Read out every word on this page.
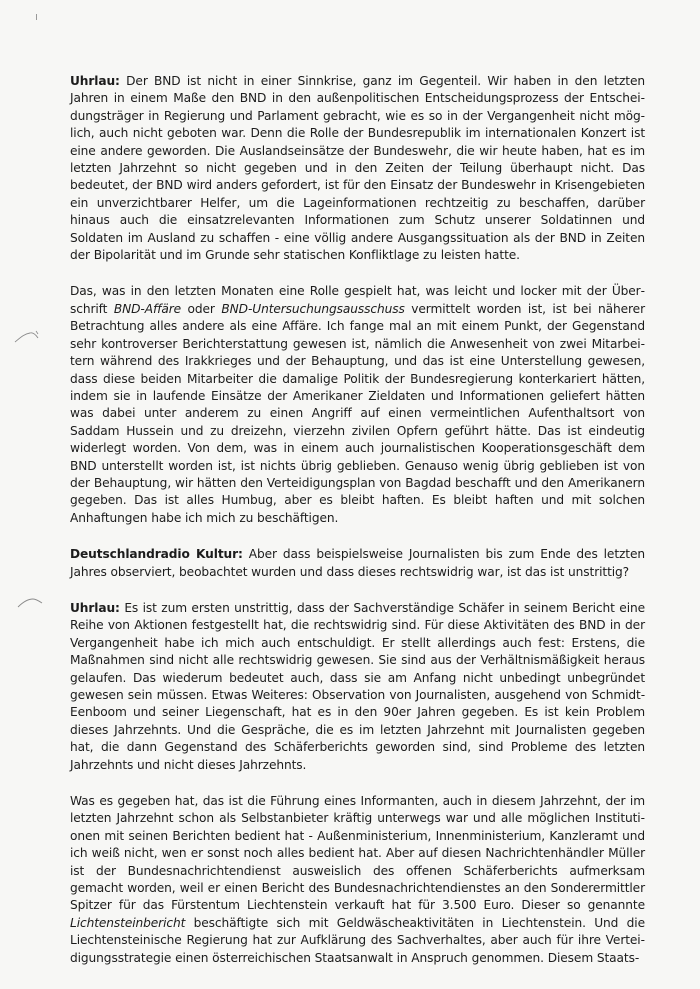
Uhrlau: Der BND ist nicht in einer Sinnkrise, ganz im Gegenteil. Wir haben in den letzten Jahren in einem Maße den BND in den außenpolitischen Entscheidungsprozess der Entscheidungsträger in Regierung und Parlament gebracht, wie es so in der Vergangenheit nicht möglich, auch nicht geboten war. Denn die Rolle der Bundesrepublik im internationalen Konzert ist eine andere geworden. Die Auslandseinsätze der Bundeswehr, die wir heute haben, hat es im letzten Jahrzehnt so nicht gegeben und in den Zeiten der Teilung überhaupt nicht. Das bedeutet, der BND wird anders gefordert, ist für den Einsatz der Bundeswehr in Krisengebieten ein unverzichtbarer Helfer, um die Lageinformationen rechtzeitig zu beschaffen, darüber hinaus auch die einsatzrelevanten Informationen zum Schutz unserer Soldatinnen und Soldaten im Ausland zu schaffen - eine völlig andere Ausgangssituation als der BND in Zeiten der Bipolarität und im Grunde sehr statischen Konfliktlage zu leisten hatte.

Das, was in den letzten Monaten eine Rolle gespielt hat, was leicht und locker mit der Überschrift BND-Affäre oder BND-Untersuchungsausschuss vermittelt worden ist, ist bei näherer Betrachtung alles andere als eine Affäre. Ich fange mal an mit einem Punkt, der Gegenstand sehr kontroverser Berichterstattung gewesen ist, nämlich die Anwesenheit von zwei Mitarbeitern während des Irakkrieges und der Behauptung, und das ist eine Unterstellung gewesen, dass diese beiden Mitarbeiter die damalige Politik der Bundesregierung konterkariert hätten, indem sie in laufende Einsätze der Amerikaner Zieldaten und Informationen geliefert hätten was dabei unter anderem zu einen Angriff auf einen vermeintlichen Aufenthaltsort von Saddam Hussein und zu dreizehn, vierzehn zivilen Opfern geführt hätte. Das ist eindeutig widerlegt worden. Von dem, was in einem auch journalistischen Kooperationsgeschäft dem BND unterstellt worden ist, ist nichts übrig geblieben. Genauso wenig übrig geblieben ist von der Behauptung, wir hätten den Verteidigungsplan von Bagdad beschafft und den Amerikanern gegeben. Das ist alles Humbug, aber es bleibt haften. Es bleibt haften und mit solchen Anhaftungen habe ich mich zu beschäftigen.

Deutschlandradio Kultur: Aber dass beispielsweise Journalisten bis zum Ende des letzten Jahres observiert, beobachtet wurden und dass dieses rechtswidrig war, ist das ist unstrittig?

Uhrlau: Es ist zum ersten unstrittig, dass der Sachverständige Schäfer in seinem Bericht eine Reihe von Aktionen festgestellt hat, die rechtswidrig sind. Für diese Aktivitäten des BND in der Vergangenheit habe ich mich auch entschuldigt. Er stellt allerdings auch fest: Erstens, die Maßnahmen sind nicht alle rechtswidrig gewesen. Sie sind aus der Verhältnismäßigkeit heraus gelaufen. Das wiederum bedeutet auch, dass sie am Anfang nicht unbedingt unbegründet gewesen sein müssen. Etwas Weiteres: Observation von Journalisten, ausgehend von Schmidt-Eenboom und seiner Liegenschaft, hat es in den 90er Jahren gegeben. Es ist kein Problem dieses Jahrzehnts. Und die Gespräche, die es im letzten Jahrzehnt mit Journalisten gegeben hat, die dann Gegenstand des Schäferberichts geworden sind, sind Probleme des letzten Jahrzehnts und nicht dieses Jahrzehnts.

Was es gegeben hat, das ist die Führung eines Informanten, auch in diesem Jahrzehnt, der im letzten Jahrzehnt schon als Selbstanbieter kräftig unterwegs war und alle möglichen Institutionen mit seinen Berichten bedient hat - Außenministerium, Innenministerium, Kanzleramt und ich weiß nicht, wen er sonst noch alles bedient hat. Aber auf diesen Nachrichtenhändler Müller ist der Bundesnachrichtendienst ausweislich des offenen Schäferberichts aufmerksam gemacht worden, weil er einen Bericht des Bundesnachrichtendienstes an den Sonderermittler Spitzer für das Fürstentum Liechtenstein verkauft hat für 3.500 Euro. Dieser so genannte Lichtensteinbericht beschäftigte sich mit Geldwäscheaktivitäten in Liechtenstein. Und die Liechtensteinische Regierung hat zur Aufklärung des Sachverhaltes, aber auch für ihre Verteidigungsstrategie einen österreichischen Staatsanwalt in Anspruch genommen. Diesem Staats-
